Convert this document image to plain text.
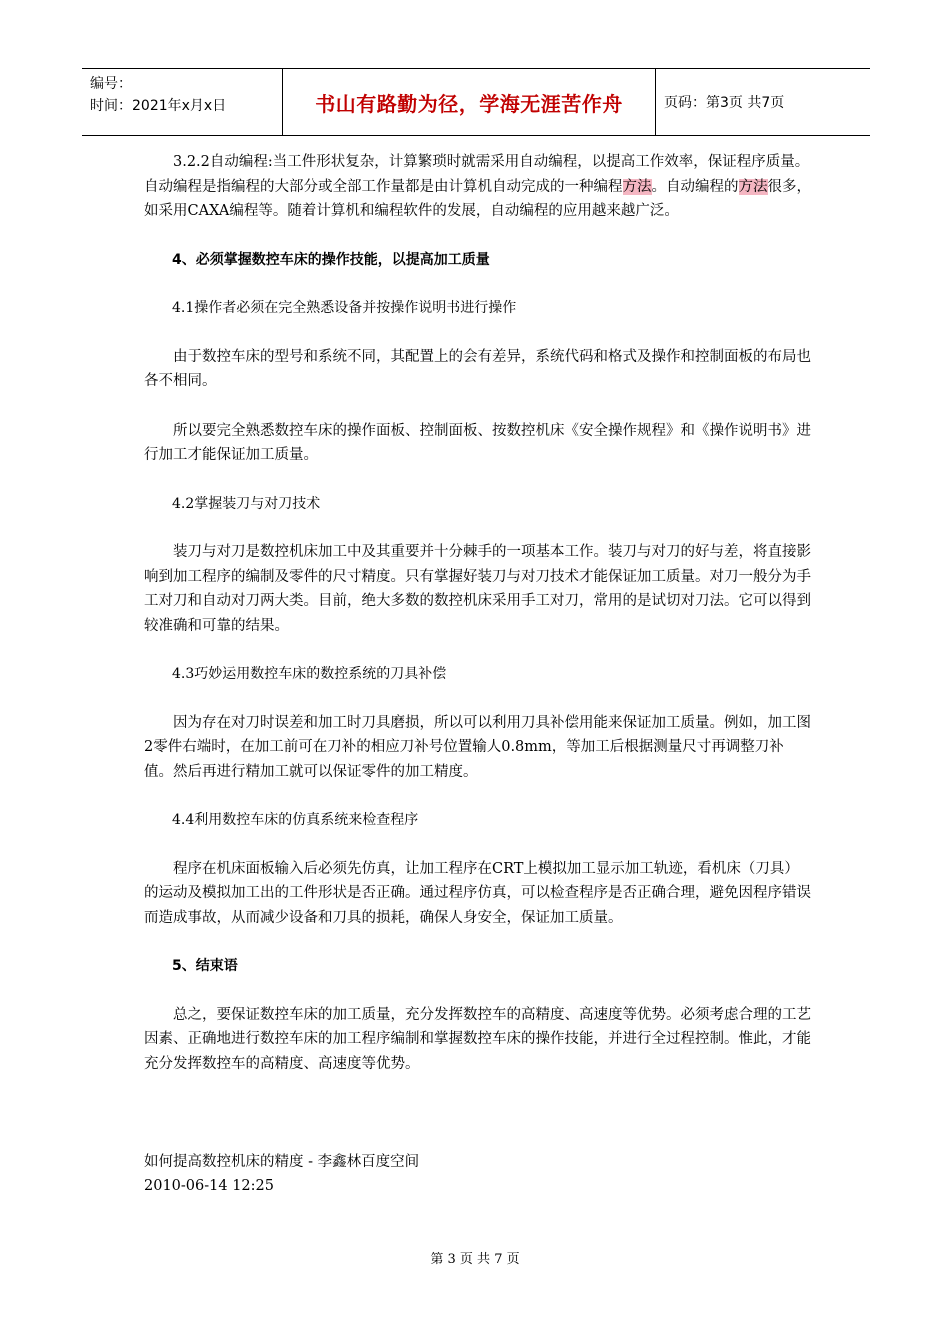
编号：
时间：2021年x月x日	书山有路勤为径，学海无涯苦作舟	页码：第3页 共7页

3.2.2自动编程:当工件形状复杂，计算繁琐时就需采用自动编程，以提高工作效率，保证程序质量。自动编程是指编程的大部分或全部工作量都是由计算机自动完成的一种编程方法。自动编程的方法很多，如采用CAXA编程等。随着计算机和编程软件的发展，自动编程的应用越来越广泛。

4、必须掌握数控车床的操作技能，以提高加工质量

4.1操作者必须在完全熟悉设备并按操作说明书进行操作

由于数控车床的型号和系统不同，其配置上的会有差异，系统代码和格式及操作和控制面板的布局也各不相同。

所以要完全熟悉数控车床的操作面板、控制面板、按数控机床《安全操作规程》和《操作说明书》进行加工才能保证加工质量。

4.2掌握装刀与对刀技术

装刀与对刀是数控机床加工中及其重要并十分棘手的一项基本工作。装刀与对刀的好与差，将直接影响到加工程序的编制及零件的尺寸精度。只有掌握好装刀与对刀技术才能保证加工质量。对刀一般分为手工对刀和自动对刀两大类。目前，绝大多数的数控机床采用手工对刀，常用的是试切对刀法。它可以得到较准确和可靠的结果。

4.3巧妙运用数控车床的数控系统的刀具补偿

因为存在对刀时误差和加工时刀具磨损，所以可以利用刀具补偿用能来保证加工质量。例如，加工图2零件右端时，在加工前可在刀补的相应刀补号位置输人0.8mm，等加工后根据测量尺寸再调整刀补值。然后再进行精加工就可以保证零件的加工精度。

4.4利用数控车床的仿真系统来检查程序

程序在机床面板输入后必须先仿真，让加工程序在CRT上模拟加工显示加工轨迹，看机床（刀具）的运动及模拟加工出的工件形状是否正确。通过程序仿真，可以检查程序是否正确合理，避免因程序错误而造成事故，从而减少设备和刀具的损耗，确保人身安全，保证加工质量。

5、结束语

总之，要保证数控车床的加工质量，充分发挥数控车的高精度、高速度等优势。必须考虑合理的工艺因素、正确地进行数控车床的加工程序编制和掌握数控车床的操作技能，并进行全过程控制。惟此，才能充分发挥数控车的高精度、高速度等优势。

如何提高数控机床的精度 - 李鑫林百度空间
2010-06-14 12:25
第 3 页 共 7 页
